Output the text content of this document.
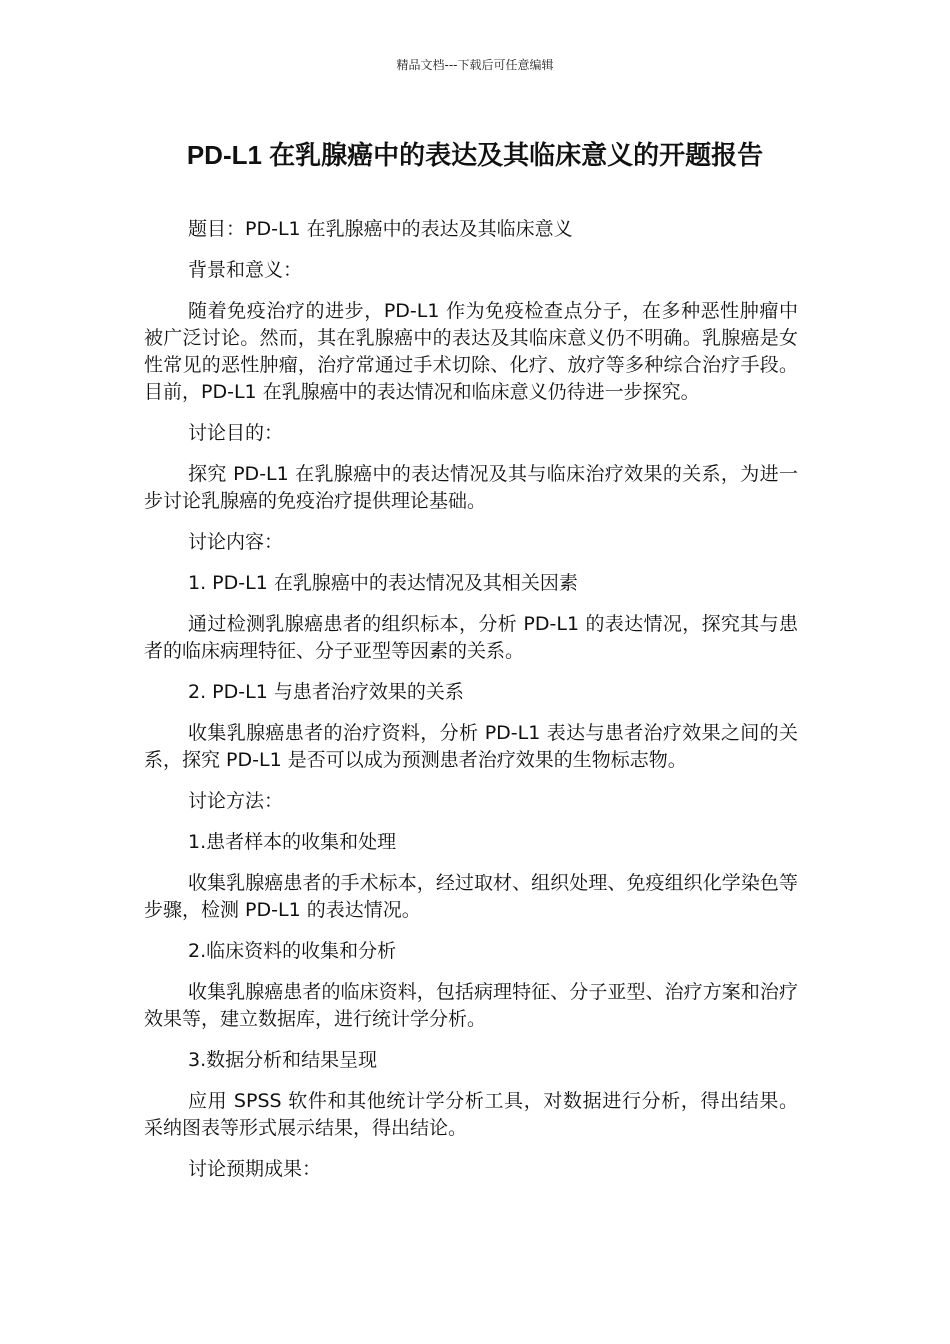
精品文档---下载后可任意编辑
PD-L1 在乳腺癌中的表达及其临床意义的开题报告

题目：PD-L1 在乳腺癌中的表达及其临床意义

背景和意义：

随着免疫治疗的进步，PD-L1 作为免疫检查点分子，在多种恶性肿瘤中被广泛讨论。然而，其在乳腺癌中的表达及其临床意义仍不明确。乳腺癌是女性常见的恶性肿瘤，治疗常通过手术切除、化疗、放疗等多种综合治疗手段。目前，PD-L1 在乳腺癌中的表达情况和临床意义仍待进一步探究。

讨论目的：

探究 PD-L1 在乳腺癌中的表达情况及其与临床治疗效果的关系，为进一步讨论乳腺癌的免疫治疗提供理论基础。

讨论内容：

1. PD-L1 在乳腺癌中的表达情况及其相关因素

通过检测乳腺癌患者的组织标本，分析 PD-L1 的表达情况，探究其与患者的临床病理特征、分子亚型等因素的关系。

2. PD-L1 与患者治疗效果的关系

收集乳腺癌患者的治疗资料，分析 PD-L1 表达与患者治疗效果之间的关系，探究 PD-L1 是否可以成为预测患者治疗效果的生物标志物。

讨论方法：

1.患者样本的收集和处理

收集乳腺癌患者的手术标本，经过取材、组织处理、免疫组织化学染色等步骤，检测 PD-L1 的表达情况。

2.临床资料的收集和分析

收集乳腺癌患者的临床资料，包括病理特征、分子亚型、治疗方案和治疗效果等，建立数据库，进行统计学分析。

3.数据分析和结果呈现

应用 SPSS 软件和其他统计学分析工具，对数据进行分析，得出结果。采纳图表等形式展示结果，得出结论。

讨论预期成果：
